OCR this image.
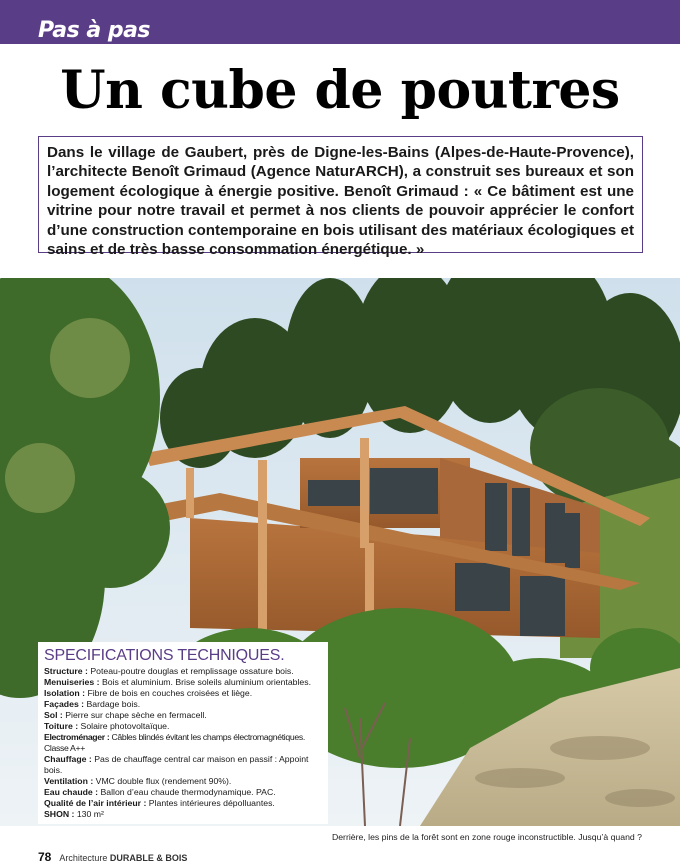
Pas à pas
Un cube de poutres
Dans le village de Gaubert, près de Digne-les-Bains (Alpes-de-Haute-Provence), l’architecte Benoît Grimaud (Agence NaturARCH), a construit ses bureaux et son logement écologique à énergie positive. Benoît Grimaud : « Ce bâtiment est une vitrine pour notre travail et permet à nos clients de pouvoir apprécier le confort d’une construction contemporaine en bois utilisant des matériaux écologiques et sains et de très basse consommation énergétique. »
SPECIFICATIONS TECHNIQUES.
Structure : Poteau-poutre douglas et remplissage ossature bois.
Menuiseries : Bois et aluminium. Brise soleils aluminium orientables.
Isolation : Fibre de bois en couches croisées et liège.
Façades : Bardage bois.
Sol : Pierre sur chape sèche en fermacell.
Toiture : Solaire photovoltaïque.
Electroménager : Câbles blindés évitant les champs électromagnétiques. Classe A++
Chauffage : Pas de chauffage central car maison en passif : Appoint bois.
Ventilation : VMC double flux (rendement 90%).
Eau chaude : Ballon d’eau chaude thermodynamique. PAC.
Qualité de l’air intérieur : Plantes intérieures dépolluantes.
SHON : 130 m²
Derrière, les pins de la forêt sont en zone rouge inconstructible. Jusqu’à quand ?
78 Architecture DURABLE & BOIS
